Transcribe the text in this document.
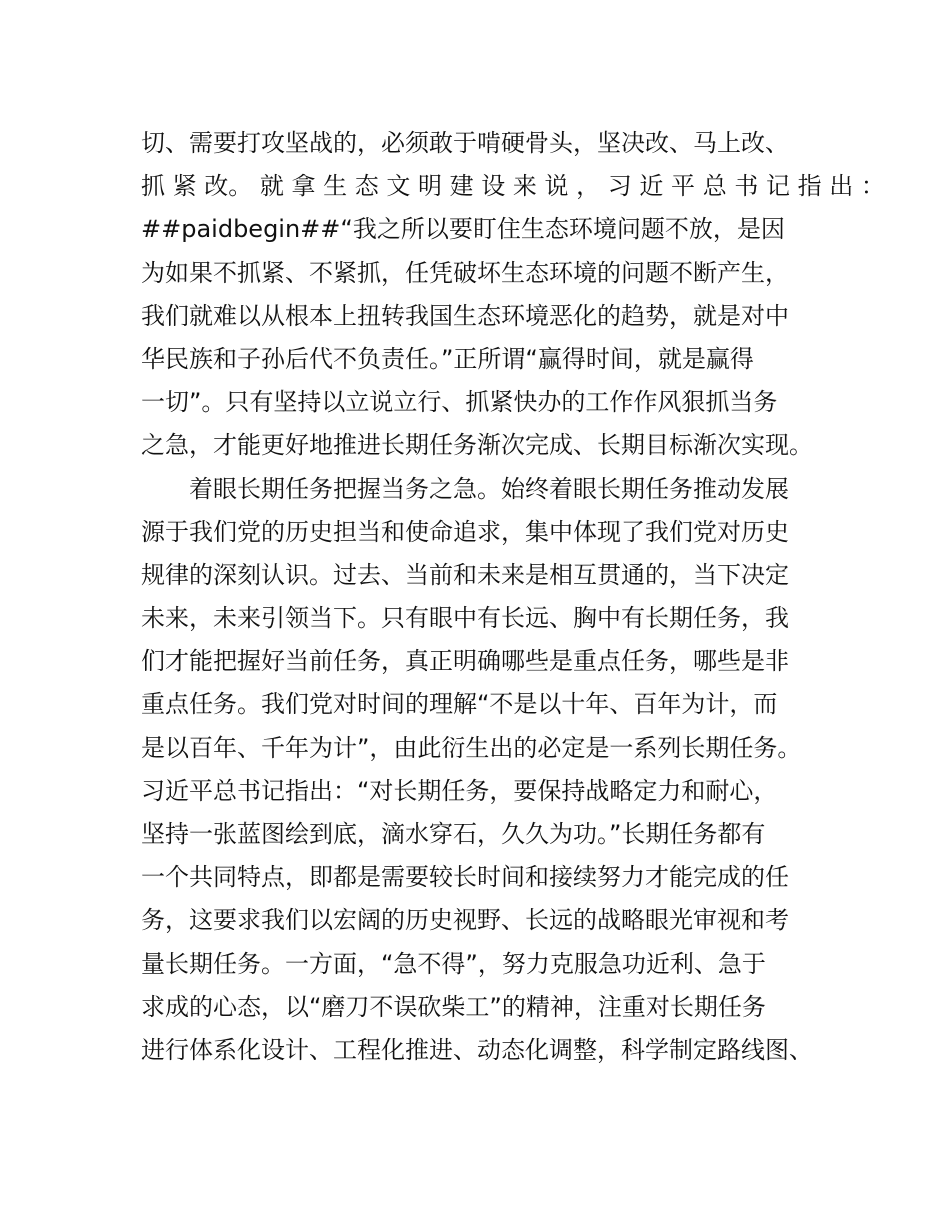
切、需要打攻坚战的，必须敢于啃硬骨头，坚决改、马上改、
抓 紧 改。 就 拿 生 态 文 明 建 设 来 说 ， 习 近 平 总 书 记 指 出 ：
##paidbegin##“我之所以要盯住生态环境问题不放，是因
为如果不抓紧、不紧抓，任凭破坏生态环境的问题不断产生，
我们就难以从根本上扭转我国生态环境恶化的趋势，就是对中
华民族和子孙后代不负责任。”正所谓“赢得时间，就是赢得
一切”。只有坚持以立说立行、抓紧快办的工作作风狠抓当务
之急，才能更好地推进长期任务渐次完成、长期目标渐次实现。
着眼长期任务把握当务之急。始终着眼长期任务推动发展
源于我们党的历史担当和使命追求，集中体现了我们党对历史
规律的深刻认识。过去、当前和未来是相互贯通的，当下决定
未来，未来引领当下。只有眼中有长远、胸中有长期任务，我
们才能把握好当前任务，真正明确哪些是重点任务，哪些是非
重点任务。我们党对时间的理解“不是以十年、百年为计，而
是以百年、千年为计”，由此衍生出的必定是一系列长期任务。
习近平总书记指出：“对长期任务，要保持战略定力和耐心，
坚持一张蓝图绘到底，滴水穿石，久久为功。”长期任务都有
一个共同特点，即都是需要较长时间和接续努力才能完成的任
务，这要求我们以宏阔的历史视野、长远的战略眼光审视和考
量长期任务。一方面，“急不得”，努力克服急功近利、急于
求成的心态，以“磨刀不误砍柴工”的精神，注重对长期任务
进行体系化设计、工程化推进、动态化调整，科学制定路线图、
